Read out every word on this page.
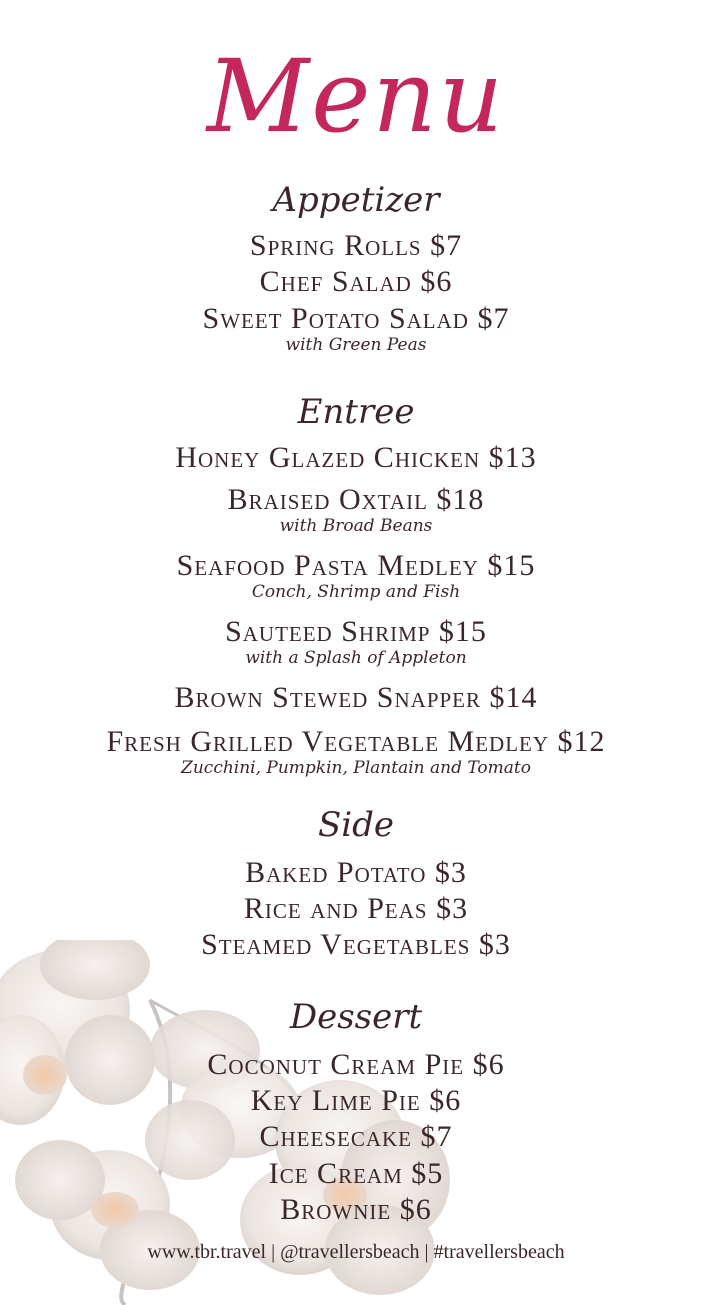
Menu
Appetizer
Spring Rolls $7
Chef Salad $6
Sweet Potato Salad $7
with Green Peas
Entree
Honey Glazed Chicken $13
Braised Oxtail $18
with Broad Beans
Seafood Pasta Medley $15
Conch, Shrimp and Fish
Sauteed Shrimp $15
with a Splash of Appleton
Brown Stewed Snapper $14
Fresh Grilled Vegetable Medley $12
Zucchini, Pumpkin, Plantain and Tomato
Side
Baked Potato $3
Rice and Peas $3
Steamed Vegetables $3
Dessert
Coconut Cream Pie $6
Key Lime Pie $6
Cheesecake $7
Ice Cream $5
Brownie $6
www.tbr.travel | @travellersbeach | #travellersbeach
